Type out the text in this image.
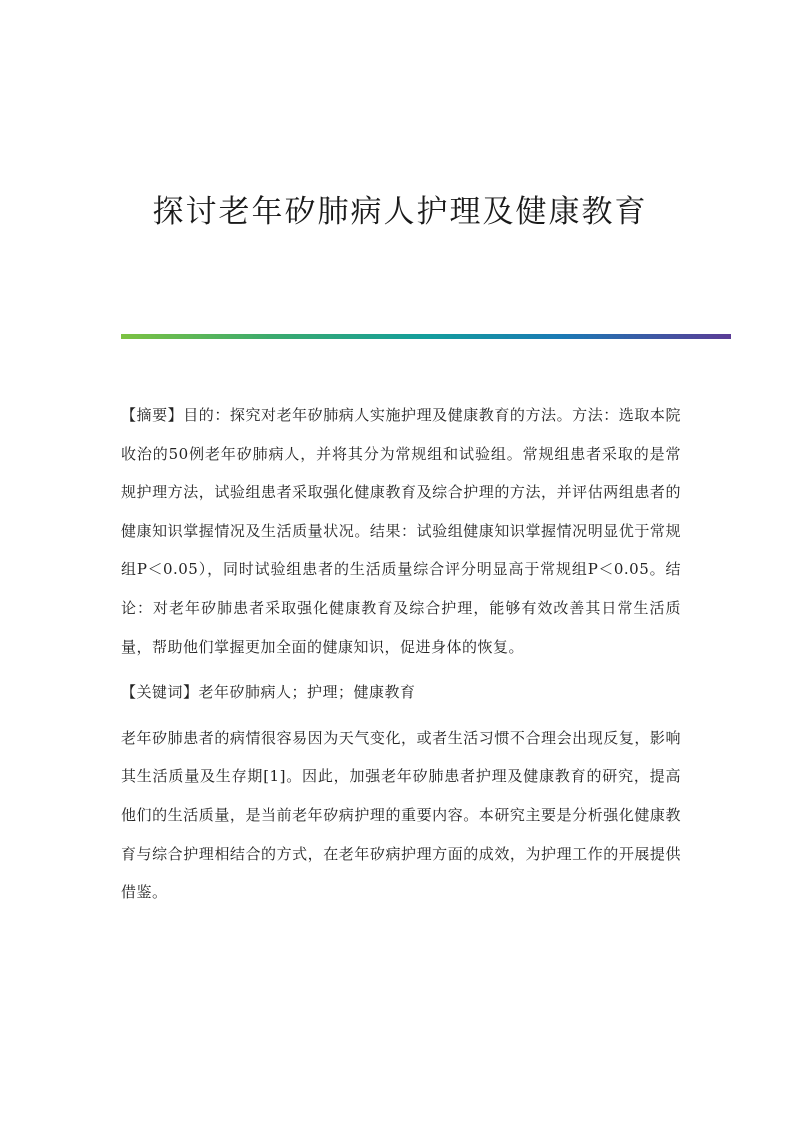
探讨老年矽肺病人护理及健康教育

【摘要】目的：探究对老年矽肺病人实施护理及健康教育的方法。方法：选取本院收治的50例老年矽肺病人，并将其分为常规组和试验组。常规组患者采取的是常规护理方法，试验组患者采取强化健康教育及综合护理的方法，并评估两组患者的健康知识掌握情况及生活质量状况。结果：试验组健康知识掌握情况明显优于常规组P＜0.05），同时试验组患者的生活质量综合评分明显高于常规组P＜0.05。结论：对老年矽肺患者采取强化健康教育及综合护理，能够有效改善其日常生活质量，帮助他们掌握更加全面的健康知识，促进身体的恢复。

【关键词】老年矽肺病人；护理；健康教育

老年矽肺患者的病情很容易因为天气变化，或者生活习惯不合理会出现反复，影响其生活质量及生存期[1]。因此，加强老年矽肺患者护理及健康教育的研究，提高他们的生活质量，是当前老年矽病护理的重要内容。本研究主要是分析强化健康教育与综合护理相结合的方式，在老年矽病护理方面的成效，为护理工作的开展提供借鉴。
